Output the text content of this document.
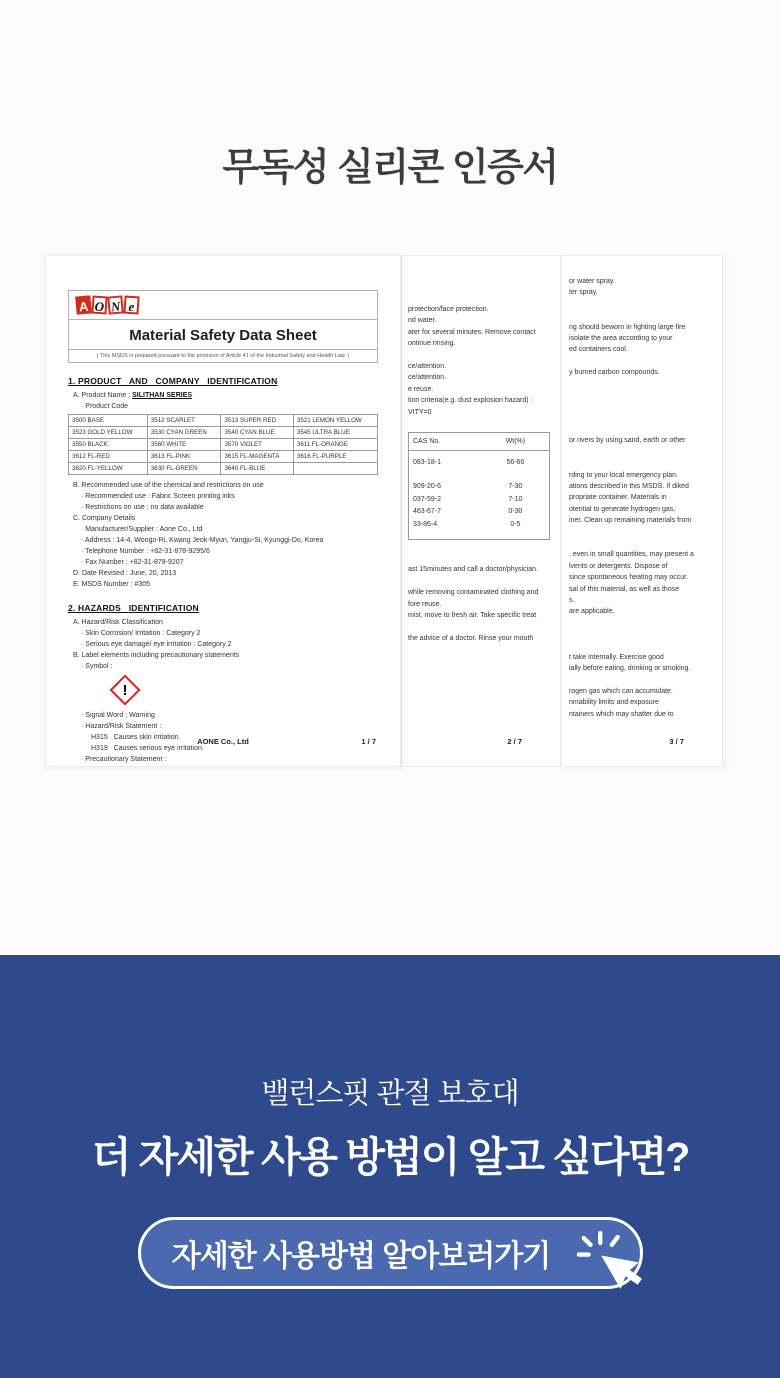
무독성 실리콘 인증서
or water spray.
ter spray.
ng should beworn in fighting large fire
isolate the area according to your
ed containers cool.
y burned carbon compounds.
or rivers by using sand, earth or other
rding to your local emergency plan.
ations described in this MSDS. If diked
propriate container. Materials in
otential to generate hydrogen gas.
iner. Clean up remaining materials from
, even in small quantities, may present a
lvents or detergents. Dispose of
since spontaneous heating may occur.
sal of this material, as well as those
s.
are applicable.
t take internally. Exercise good
ially before eating, drinking or smoking.
rogen gas which can accumulate.
nmability limits and exposure
ntainers which may shatter due to
3 / 7
protection/face protection.
nd water.
ater for several minutes. Remove contact
ontinue rinsing.
ce/attention.
ce/attention.
e reuse.
tion criteria(e.g. dust explosion hazard) :
VITY=0
CAS No.	Wt(%)
083-18-1	56-60
909-20-6	7-30
037-59-2	7-10
463-67-7	0-30
33-86-4	0-5
ast 15minutes and call a doctor/physician.
while removing contaminated clothing and
fore reuse.
mist, move to fresh air. Take specific treat
the advice of a doctor. Rinse your mouth
2 / 7
A O N e
Material Safety Data Sheet
( This MSDS is prepared pursuant to the provision of Article 41 of the Industrial Safety and Health Law. )
1. PRODUCT   AND   COMPANY   IDENTIFICATION
A. Product Name : SILITHAN SERIES
· Product Code
3500 BASE	3512 SCARLET	3513 SUPER RED	3521 LEMON YELLOW
3523 GOLD YELLOW	3530 CYAN GREEN	3540 CYAN BLUE	3545 ULTRA BLUE
3550 BLACK	3560 WHITE	3570 VIOLET	3611 FL-ORANGE
3612 FL-RED	3613 FL-PINK	3615 FL-MAGENTA	3616 FL-PURPLE
3620 FL-YELLOW	3630 FL-GREEN	3640 FL-BLUE	
B. Recommended use of the chemical and restrictions on use
· Recommended use : Fabric Screen printing inks
· Restrictions on use : no data available
C. Company Details
· Manufacturer/Supplier : Aone Co., Ltd
· Address : 14-4, Woogo-Ri, Kwang Jeok-Myun, Yangju-Si, Kyunggi-Do, Korea
· Telephone Number : +82-31-878-9295/6
· Fax Number : +82-31-878-9207
D. Date Revised : June, 20, 2013
E. MSDS Number : #305
2. HAZARDS   IDENTIFICATION
A. Hazard/Risk Classification
· Skin Corrosion/ Irritation : Category 2
· Serious eye damage/ eye irritation : Category 2
B. Label elements including precautionary statements
· Symbol :
!
· Signal Word : Warning
· Hazard/Risk Statement :
H315   Causes skin irritation.
H319   Causes serious eye irritation.
· Precautionary Statement :
AONE Co., Ltd	1 / 7
밸런스핏 관절 보호대
더 자세한 사용 방법이 알고 싶다면?
자세한 사용방법 알아보러가기
